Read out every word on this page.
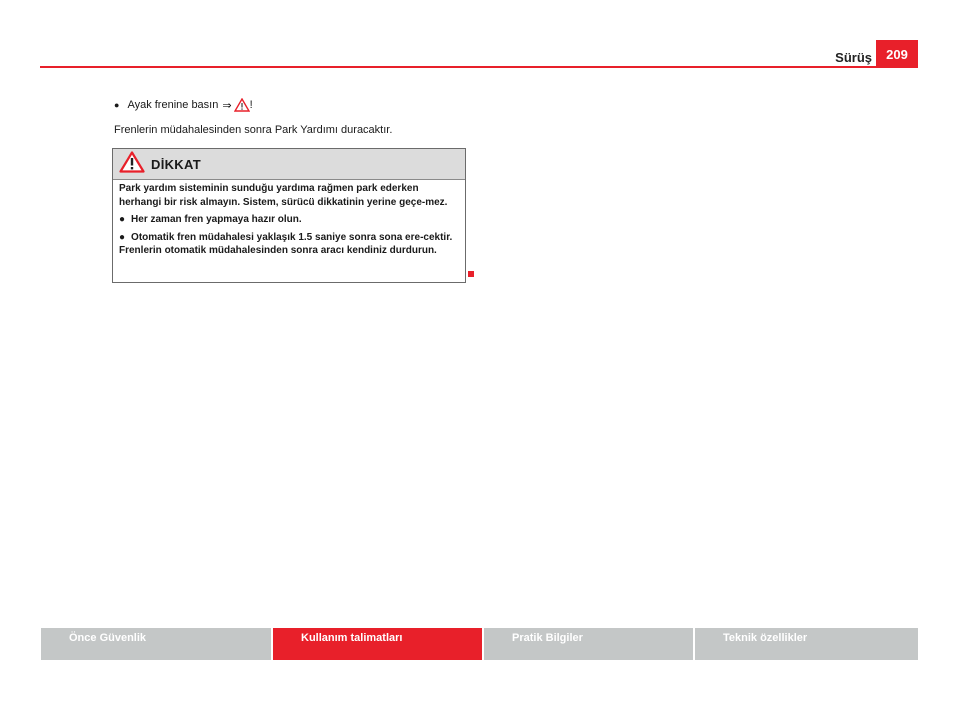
Sürüş	209
● Ayak frenine basın ⇒ !
Frenlerin müdahalesinden sonra Park Yardımı duracaktır.
DİKKAT

Park yardım sisteminin sunduğu yardıma rağmen park ederken herhangi bir risk almayın. Sistem, sürücü dikkatinin yerine geçe-mez.

● Her zaman fren yapmaya hazır olun.

● Otomatik fren müdahalesi yaklaşık 1.5 saniye sonra sona ere-cektir. Frenlerin otomatik müdahalesinden sonra aracı kendiniz durdurun.

Önce Güvenlik	Kullanım talimatları	Pratik Bilgiler	Teknik özellikler
